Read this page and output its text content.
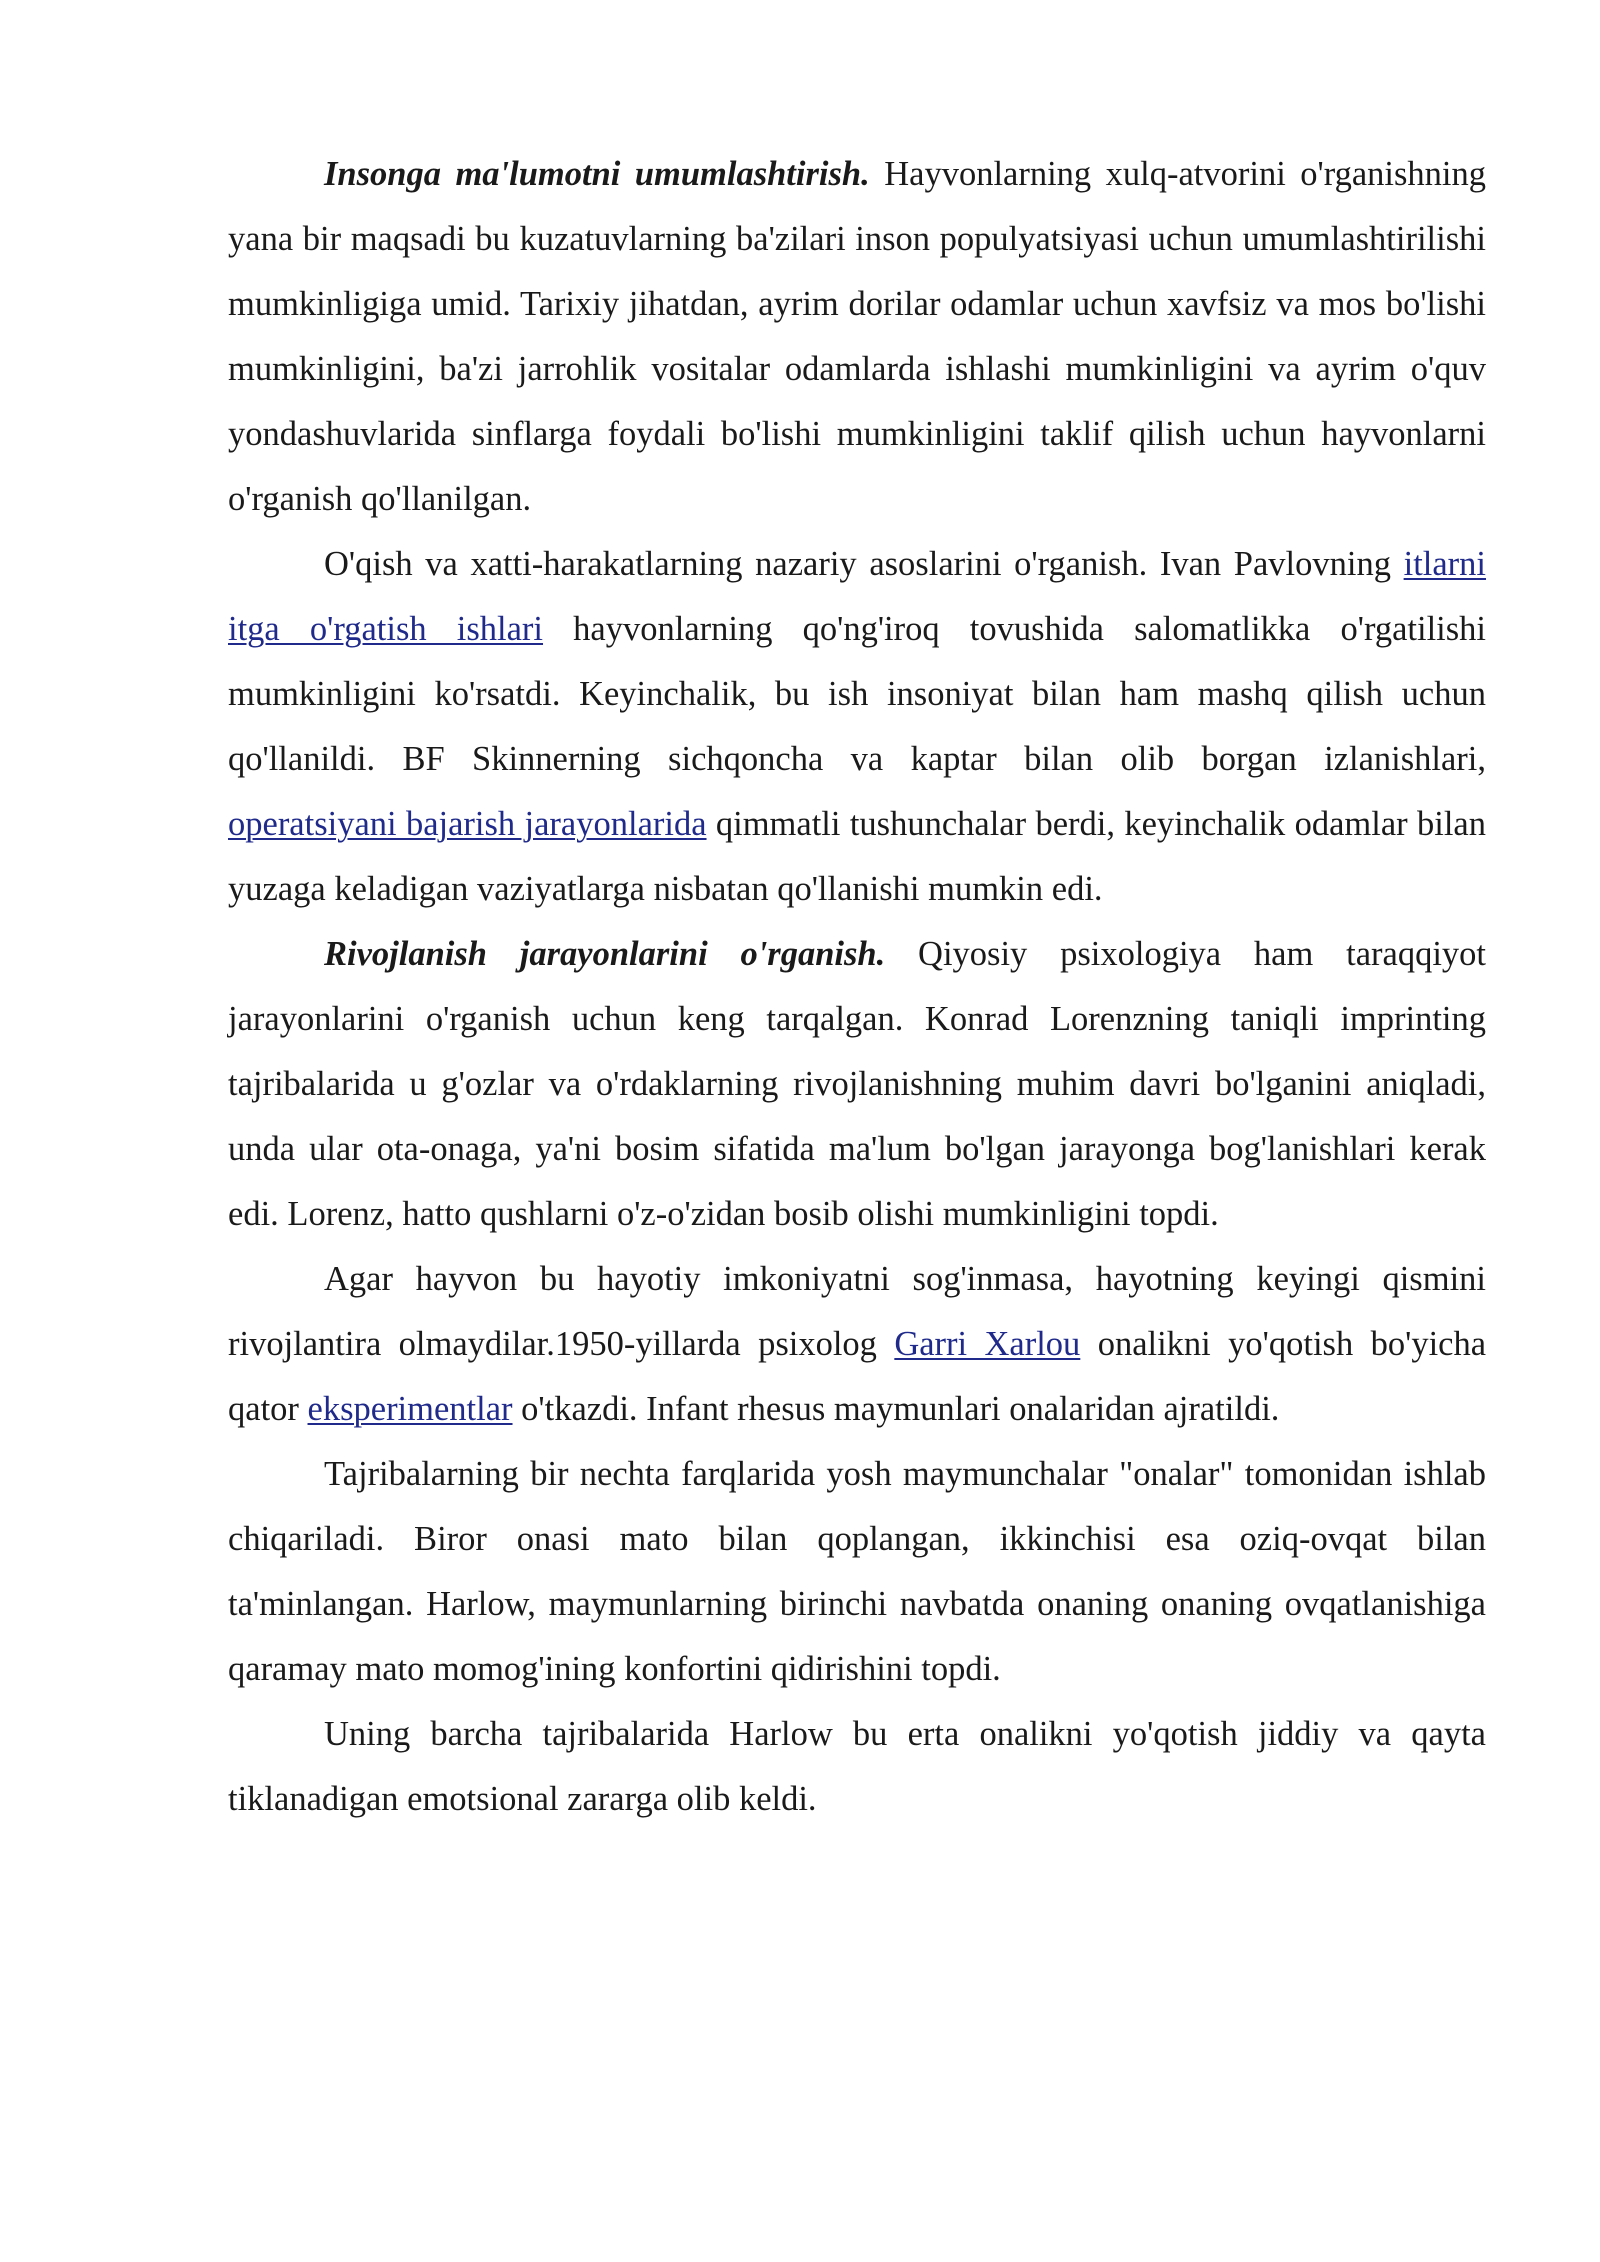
Insonga ma'lumotni umumlashtirish. Hayvonlarning xulq-atvorini o'rganishning yana bir maqsadi bu kuzatuvlarning ba'zilari inson populyatsiyasi uchun umumlashtirilishi mumkinligiga umid. Tarixiy jihatdan, ayrim dorilar odamlar uchun xavfsiz va mos bo'lishi mumkinligini, ba'zi jarrohlik vositalar odamlarda ishlashi mumkinligini va ayrim o'quv yondashuvlarida sinflarga foydali bo'lishi mumkinligini taklif qilish uchun hayvonlarni o'rganish qo'llanilgan.

O'qish va xatti-harakatlarning nazariy asoslarini o'rganish. Ivan Pavlovning itlarni itga o'rgatish ishlari hayvonlarning qo'ng'iroq tovushida salomatlikka o'rgatilishi mumkinligini ko'rsatdi. Keyinchalik, bu ish insoniyat bilan ham mashq qilish uchun qo'llanildi. BF Skinnerning sichqoncha va kaptar bilan olib borgan izlanishlari, operatsiyani bajarish jarayonlarida qimmatli tushunchalar berdi, keyinchalik odamlar bilan yuzaga keladigan vaziyatlarga nisbatan qo'llanishi mumkin edi.

Rivojlanish jarayonlarini o'rganish. Qiyosiy psixologiya ham taraqqiyot jarayonlarini o'rganish uchun keng tarqalgan. Konrad Lorenzning taniqli imprinting tajribalarida u g'ozlar va o'rdaklarning rivojlanishning muhim davri bo'lganini aniqladi, unda ular ota-onaga, ya'ni bosim sifatida ma'lum bo'lgan jarayonga bog'lanishlari kerak edi. Lorenz, hatto qushlarni o'z-o'zidan bosib olishi mumkinligini topdi.

Agar hayvon bu hayotiy imkoniyatni sog'inmasa, hayotning keyingi qismini rivojlantira olmaydilar.1950-yillarda psixolog Garri Xarlou onalikni yo'qotish bo'yicha qator eksperimentlar o'tkazdi. Infant rhesus maymunlari onalaridan ajratildi.

Tajribalarning bir nechta farqlarida yosh maymunchalar "onalar" tomonidan ishlab chiqariladi. Biror onasi mato bilan qoplangan, ikkinchisi esa oziq-ovqat bilan ta'minlangan. Harlow, maymunlarning birinchi navbatda onaning onaning ovqatlanishiga qaramay mato momog'ining konfortini qidirishini topdi.

Uning barcha tajribalarida Harlow bu erta onalikni yo'qotish jiddiy va qayta tiklanadigan emotsional zararga olib keldi.
